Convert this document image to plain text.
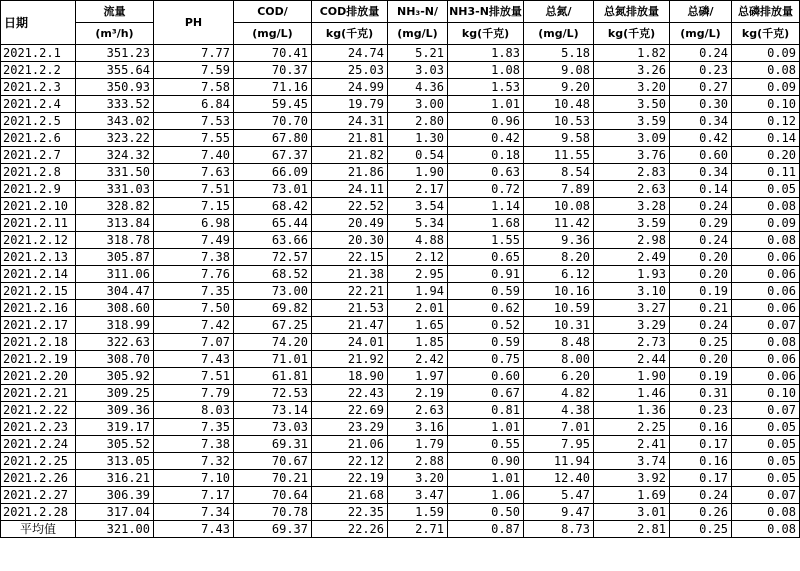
日期	流量	PH	COD/	COD排放量	NH₃-N/	NH3-N排放量	总氮/	总氮排放量	总磷/	总磷排放量
	(m³/h)		(mg/L)	kg(千克)	(mg/L)	kg(千克)	(mg/L)	kg(千克)	(mg/L)	kg(千克)
2021.2.1	351.23	7.77	70.41	24.74	5.21	1.83	5.18	1.82	0.24	0.09
2021.2.2	355.64	7.59	70.37	25.03	3.03	1.08	9.08	3.26	0.23	0.08
2021.2.3	350.93	7.58	71.16	24.99	4.36	1.53	9.20	3.20	0.27	0.09
2021.2.4	333.52	6.84	59.45	19.79	3.00	1.01	10.48	3.50	0.30	0.10
2021.2.5	343.02	7.53	70.70	24.31	2.80	0.96	10.53	3.59	0.34	0.12
2021.2.6	323.22	7.55	67.80	21.81	1.30	0.42	9.58	3.09	0.42	0.14
2021.2.7	324.32	7.40	67.37	21.82	0.54	0.18	11.55	3.76	0.60	0.20
2021.2.8	331.50	7.63	66.09	21.86	1.90	0.63	8.54	2.83	0.34	0.11
2021.2.9	331.03	7.51	73.01	24.11	2.17	0.72	7.89	2.63	0.14	0.05
2021.2.10	328.82	7.15	68.42	22.52	3.54	1.14	10.08	3.28	0.24	0.08
2021.2.11	313.84	6.98	65.44	20.49	5.34	1.68	11.42	3.59	0.29	0.09
2021.2.12	318.78	7.49	63.66	20.30	4.88	1.55	9.36	2.98	0.24	0.08
2021.2.13	305.87	7.38	72.57	22.15	2.12	0.65	8.20	2.49	0.20	0.06
2021.2.14	311.06	7.76	68.52	21.38	2.95	0.91	6.12	1.93	0.20	0.06
2021.2.15	304.47	7.35	73.00	22.21	1.94	0.59	10.16	3.10	0.19	0.06
2021.2.16	308.60	7.50	69.82	21.53	2.01	0.62	10.59	3.27	0.21	0.06
2021.2.17	318.99	7.42	67.25	21.47	1.65	0.52	10.31	3.29	0.24	0.07
2021.2.18	322.63	7.07	74.20	24.01	1.85	0.59	8.48	2.73	0.25	0.08
2021.2.19	308.70	7.43	71.01	21.92	2.42	0.75	8.00	2.44	0.20	0.06
2021.2.20	305.92	7.51	61.81	18.90	1.97	0.60	6.20	1.90	0.19	0.06
2021.2.21	309.25	7.79	72.53	22.43	2.19	0.67	4.82	1.46	0.31	0.10
2021.2.22	309.36	8.03	73.14	22.69	2.63	0.81	4.38	1.36	0.23	0.07
2021.2.23	319.17	7.35	73.03	23.29	3.16	1.01	7.01	2.25	0.16	0.05
2021.2.24	305.52	7.38	69.31	21.06	1.79	0.55	7.95	2.41	0.17	0.05
2021.2.25	313.05	7.32	70.67	22.12	2.88	0.90	11.94	3.74	0.16	0.05
2021.2.26	316.21	7.10	70.21	22.19	3.20	1.01	12.40	3.92	0.17	0.05
2021.2.27	306.39	7.17	70.64	21.68	3.47	1.06	5.47	1.69	0.24	0.07
2021.2.28	317.04	7.34	70.78	22.35	1.59	0.50	9.47	3.01	0.26	0.08
平均值	321.00	7.43	69.37	22.26	2.71	0.87	8.73	2.81	0.25	0.08
